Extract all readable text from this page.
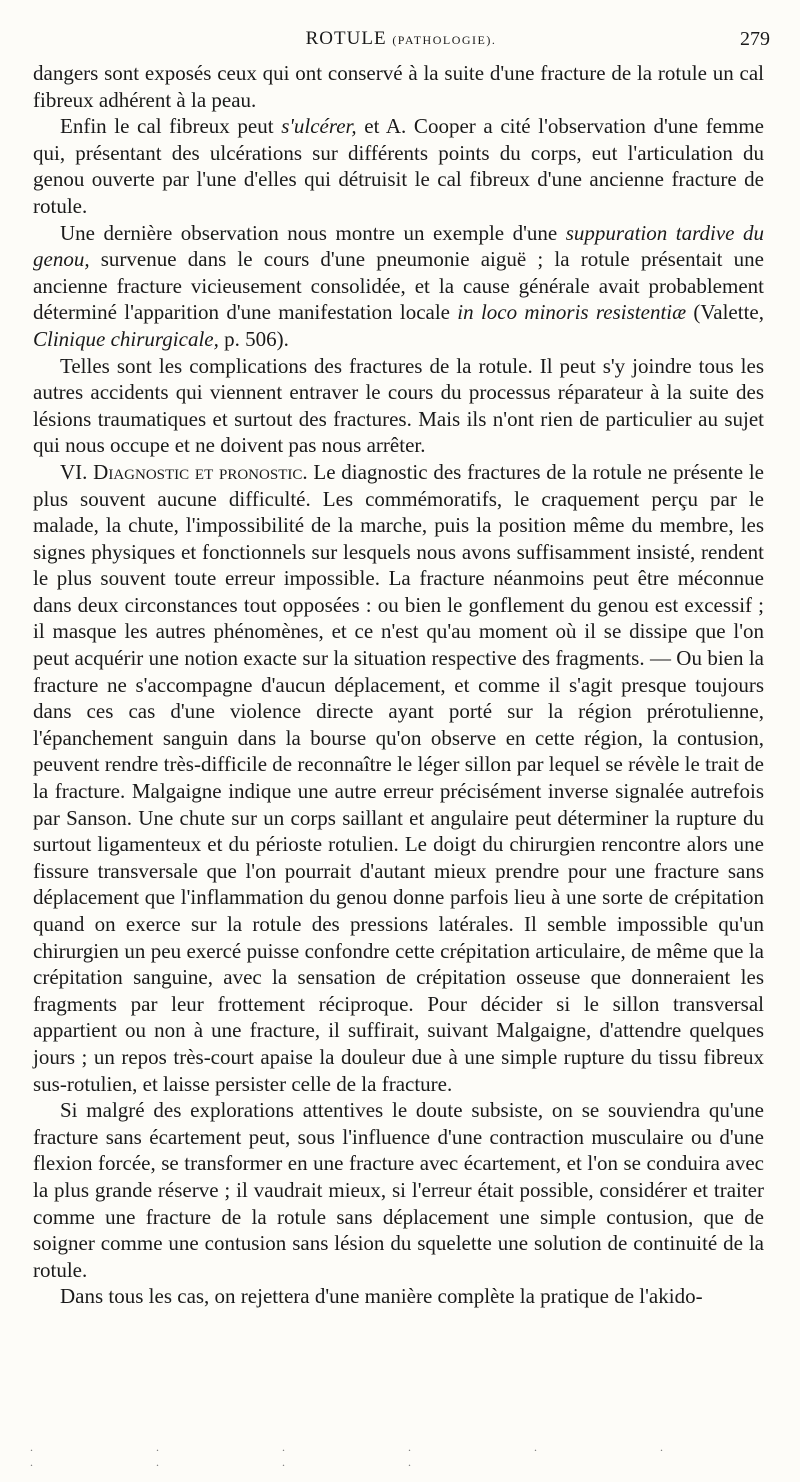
ROTULE (PATHOLOGIE).	279

dangers sont exposés ceux qui ont conservé à la suite d'une fracture de la rotule un cal fibreux adhérent à la peau.

Enfin le cal fibreux peut s'ulcérer, et A. Cooper a cité l'observation d'une femme qui, présentant des ulcérations sur différents points du corps, eut l'articulation du genou ouverte par l'une d'elles qui détruisit le cal fibreux d'une ancienne fracture de rotule.

Une dernière observation nous montre un exemple d'une suppuration tardive du genou, survenue dans le cours d'une pneumonie aiguë ; la rotule présentait une ancienne fracture vicieusement consolidée, et la cause générale avait probablement déterminé l'apparition d'une manifestation locale in loco minoris resistentiæ (Valette, Clinique chirurgicale, p. 506).

Telles sont les complications des fractures de la rotule. Il peut s'y joindre tous les autres accidents qui viennent entraver le cours du processus réparateur à la suite des lésions traumatiques et surtout des fractures. Mais ils n'ont rien de particulier au sujet qui nous occupe et ne doivent pas nous arrêter.

VI. Diagnostic et pronostic. Le diagnostic des fractures de la rotule ne présente le plus souvent aucune difficulté. Les commémoratifs, le craquement perçu par le malade, la chute, l'impossibilité de la marche, puis la position même du membre, les signes physiques et fonctionnels sur lesquels nous avons suffisamment insisté, rendent le plus souvent toute erreur impossible. La fracture néanmoins peut être méconnue dans deux circonstances tout opposées : ou bien le gonflement du genou est excessif ; il masque les autres phénomènes, et ce n'est qu'au moment où il se dissipe que l'on peut acquérir une notion exacte sur la situation respective des fragments. — Ou bien la fracture ne s'accompagne d'aucun déplacement, et comme il s'agit presque toujours dans ces cas d'une violence directe ayant porté sur la région prérotulienne, l'épanchement sanguin dans la bourse qu'on observe en cette région, la contusion, peuvent rendre très-difficile de reconnaître le léger sillon par lequel se révèle le trait de la fracture. Malgaigne indique une autre erreur précisément inverse signalée autrefois par Sanson. Une chute sur un corps saillant et angulaire peut déterminer la rupture du surtout ligamenteux et du périoste rotulien. Le doigt du chirurgien rencontre alors une fissure transversale que l'on pourrait d'autant mieux prendre pour une fracture sans déplacement que l'inflammation du genou donne parfois lieu à une sorte de crépitation quand on exerce sur la rotule des pressions latérales. Il semble impossible qu'un chirurgien un peu exercé puisse confondre cette crépitation articulaire, de même que la crépitation sanguine, avec la sensation de crépitation osseuse que donneraient les fragments par leur frottement réciproque. Pour décider si le sillon transversal appartient ou non à une fracture, il suffirait, suivant Malgaigne, d'attendre quelques jours ; un repos très-court apaise la douleur due à une simple rupture du tissu fibreux sus-rotulien, et laisse persister celle de la fracture.

Si malgré des explorations attentives le doute subsiste, on se souviendra qu'une fracture sans écartement peut, sous l'influence d'une contraction musculaire ou d'une flexion forcée, se transformer en une fracture avec écartement, et l'on se conduira avec la plus grande réserve ; il vaudrait mieux, si l'erreur était possible, considérer et traiter comme une fracture de la rotule sans déplacement une simple contusion, que de soigner comme une contusion sans lésion du squelette une solution de continuité de la rotule.

Dans tous les cas, on rejettera d'une manière complète la pratique de l'akido-

. . . . . . . . . .
